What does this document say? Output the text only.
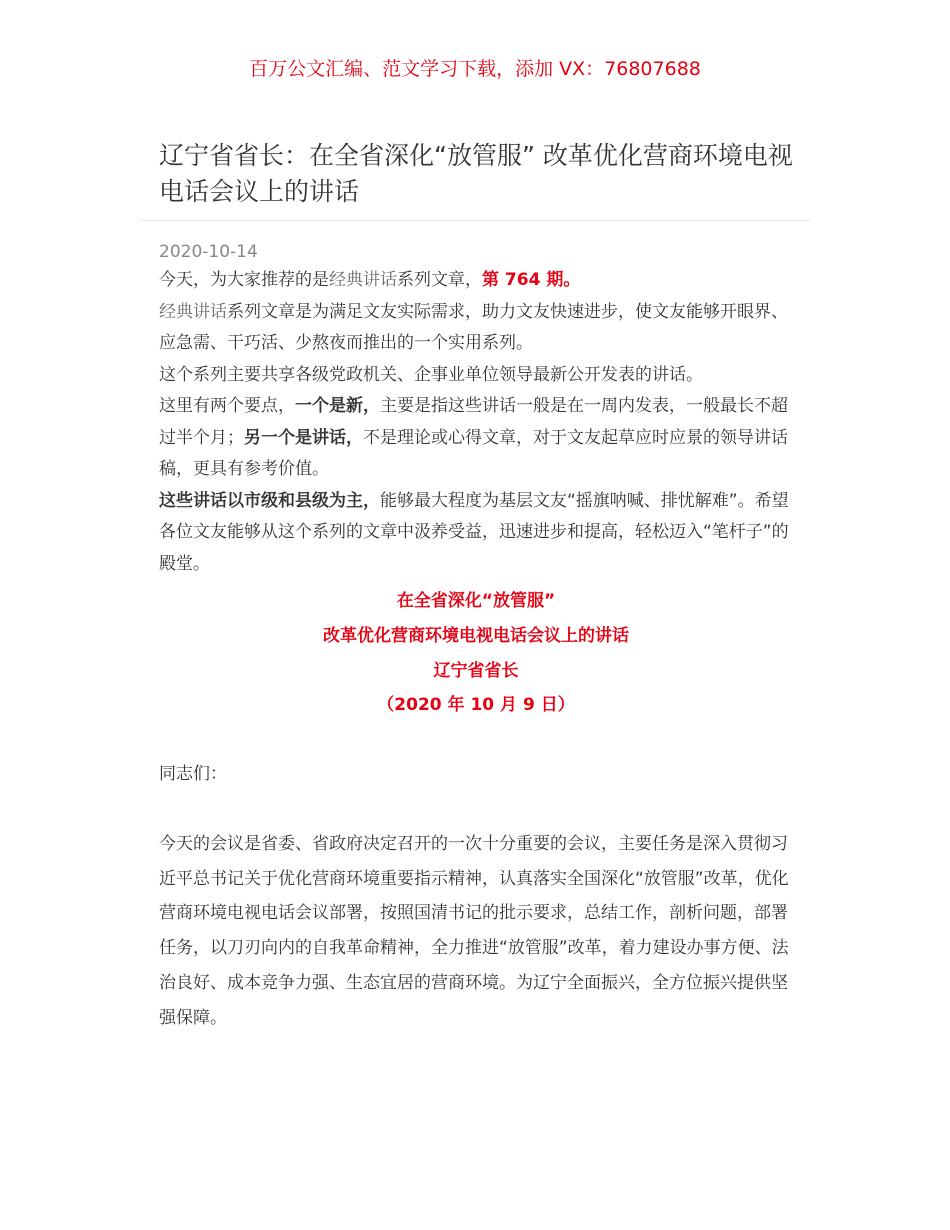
百万公文汇编、范文学习下载，添加 VX：76807688
辽宁省省长：在全省深化“放管服” 改革优化营商环境电视电话会议上的讲话
2020-10-14

今天，为大家推荐的是经典讲话系列文章，第 764 期。

经典讲话系列文章是为满足文友实际需求，助力文友快速进步，使文友能够开眼界、应急需、干巧活、少熬夜而推出的一个实用系列。

这个系列主要共享各级党政机关、企事业单位领导最新公开发表的讲话。

这里有两个要点，一个是新，主要是指这些讲话一般是在一周内发表，一般最长不超过半个月；另一个是讲话，不是理论或心得文章，对于文友起草应时应景的领导讲话稿，更具有参考价值。

这些讲话以市级和县级为主，能够最大程度为基层文友“摇旗呐喊、排忧解难”。希望各位文友能够从这个系列的文章中汲养受益，迅速进步和提高，轻松迈入“笔杆子”的殿堂。

在全省深化“放管服”
改革优化营商环境电视电话会议上的讲话
辽宁省省长
（2020 年 10 月 9 日）
同志们：

今天的会议是省委、省政府决定召开的一次十分重要的会议，主要任务是深入贯彻习近平总书记关于优化营商环境重要指示精神，认真落实全国深化“放管服”改革，优化营商环境电视电话会议部署，按照国清书记的批示要求，总结工作，剖析问题，部署任务，以刀刃向内的自我革命精神，全力推进“放管服”改革，着力建设办事方便、法治良好、成本竞争力强、生态宜居的营商环境。为辽宁全面振兴，全方位振兴提供坚强保障。
